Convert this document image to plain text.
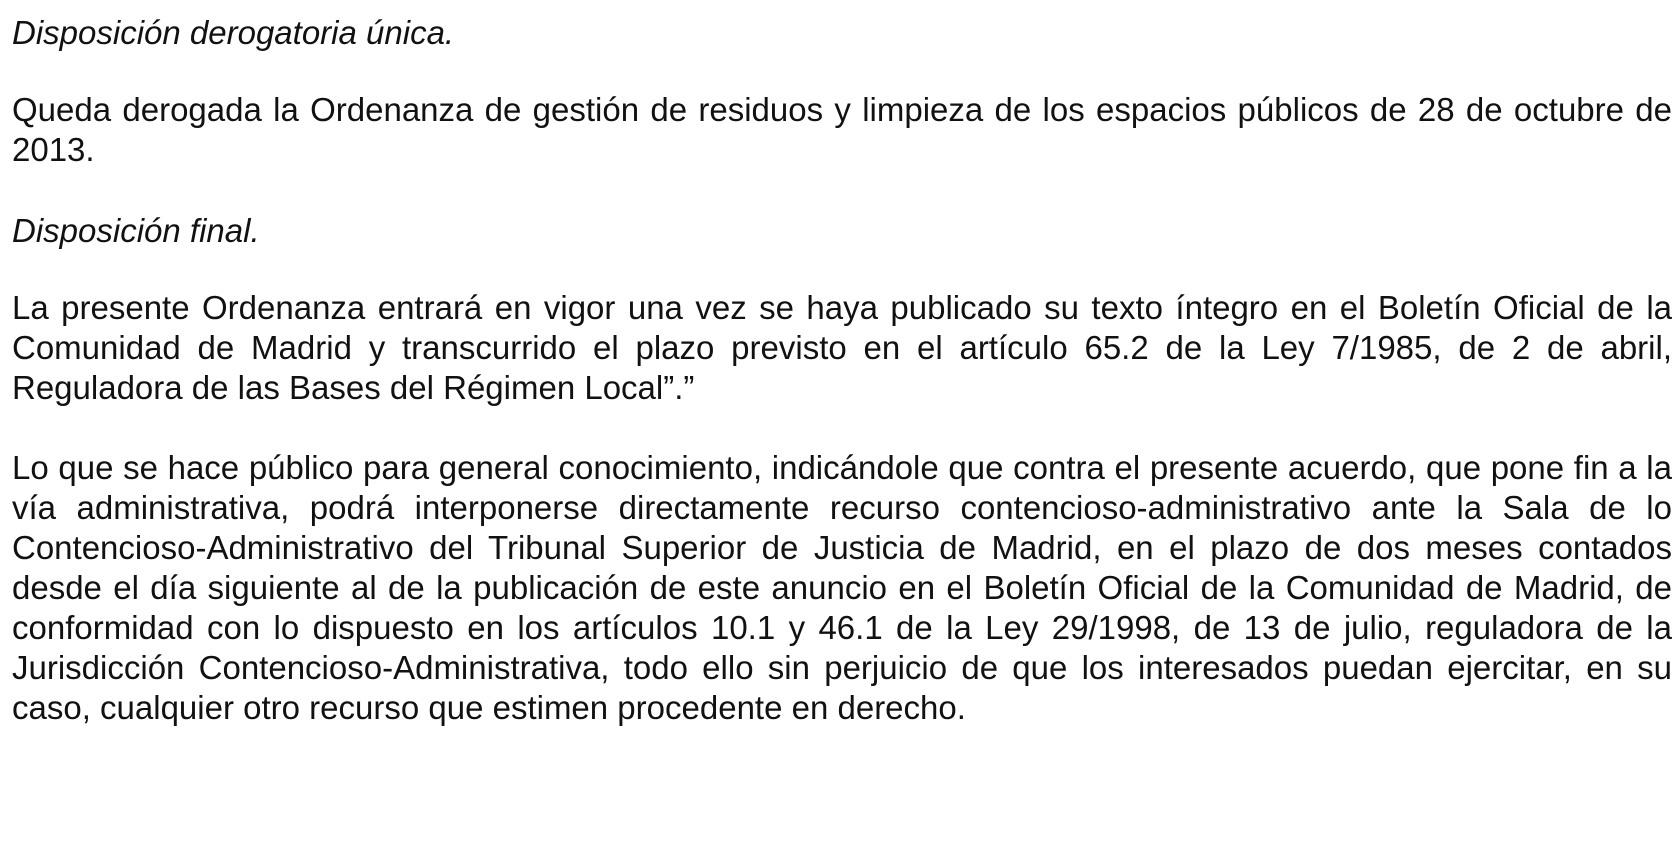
Disposición derogatoria única.

Queda derogada la Ordenanza de gestión de residuos y limpieza de los espacios públicos de 28 de octubre de 2013.

Disposición final.

La presente Ordenanza entrará en vigor una vez se haya publicado su texto íntegro en el Boletín Oficial de la Comunidad de Madrid y transcurrido el plazo previsto en el artículo 65.2 de la Ley 7/1985, de 2 de abril, Reguladora de las Bases del Régimen Local”.”

Lo que se hace público para general conocimiento, indicándole que contra el presente acuerdo, que pone fin a la vía administrativa, podrá interponerse directamente recurso contencioso-administrativo ante la Sala de lo Contencioso-Administrativo del Tribunal Superior de Justicia de Madrid, en el plazo de dos meses contados desde el día siguiente al de la publicación de este anuncio en el Boletín Oficial de la Comunidad de Madrid, de conformidad con lo dispuesto en los artículos 10.1 y 46.1 de la Ley 29/1998, de 13 de julio, reguladora de la Jurisdicción Contencioso-Administrativa, todo ello sin perjuicio de que los interesados puedan ejercitar, en su caso, cualquier otro recurso que estimen procedente en derecho.
